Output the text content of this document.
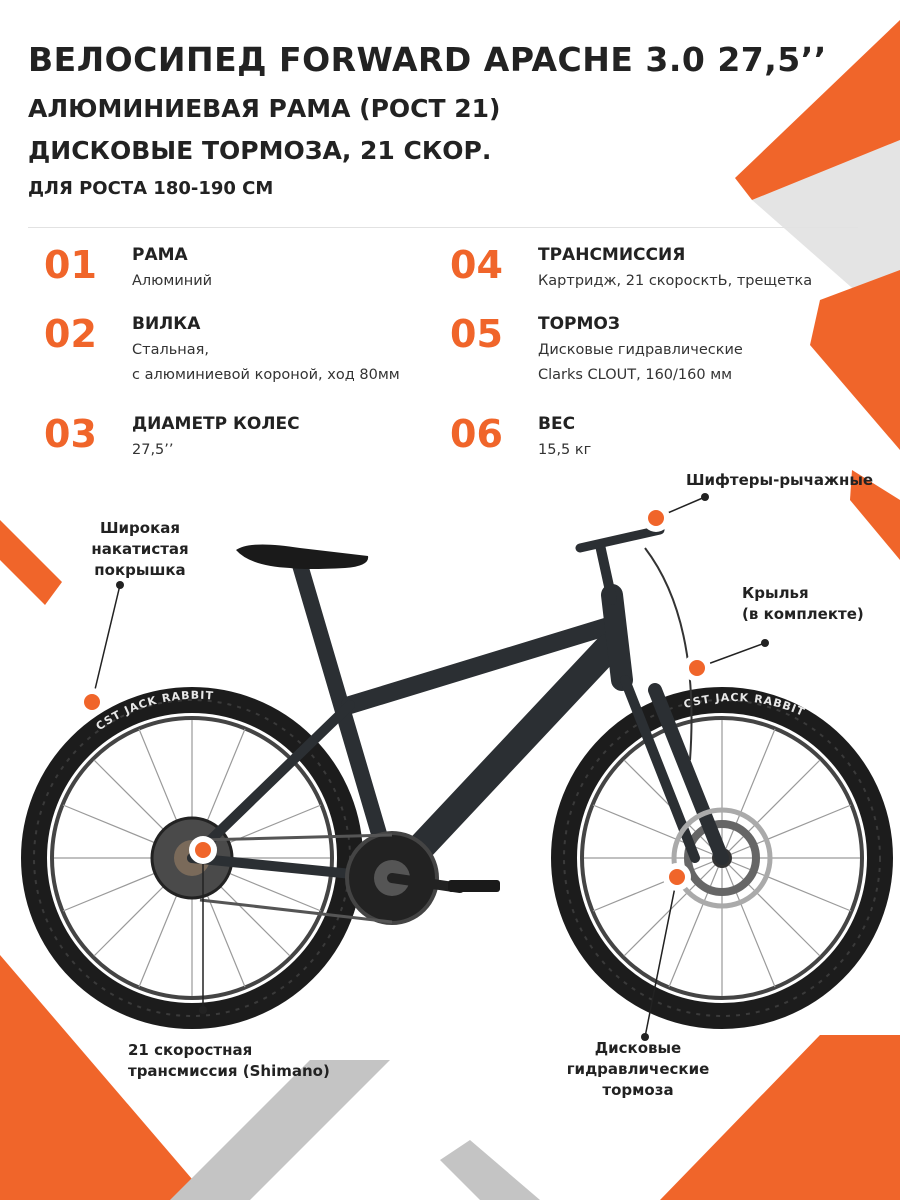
ВЕЛОСИПЕД FORWARD APACHE 3.0 27,5’’
АЛЮМИНИЕВАЯ РАМА (РОСТ 21)
ДИСКОВЫЕ ТОРМОЗА, 21 СКОР.
ДЛЯ РОСТА 180-190 СМ
01 РАМА
Алюминий
02 ВИЛКА
Стальная,
с алюминиевой короной, ход 80мм
03 ДИАМЕТР КОЛЕС
27,5’’
04 ТРАНСМИССИЯ
Картридж, 21 скоросктЬ, трещетка
05 ТОРМОЗ
Дисковые гидравлические
Clarks CLOUT, 160/160 мм
06 ВЕС
15,5 кг
CST JACK RABBIT
CST JACK RABBIT
Шифтеры-рычажные
Широкая
накатистая
покрышка
Крылья
(в комплекте)
21 скоростная
трансмиссия (Shimano)
Дисковые
гидравлические
тормоза
